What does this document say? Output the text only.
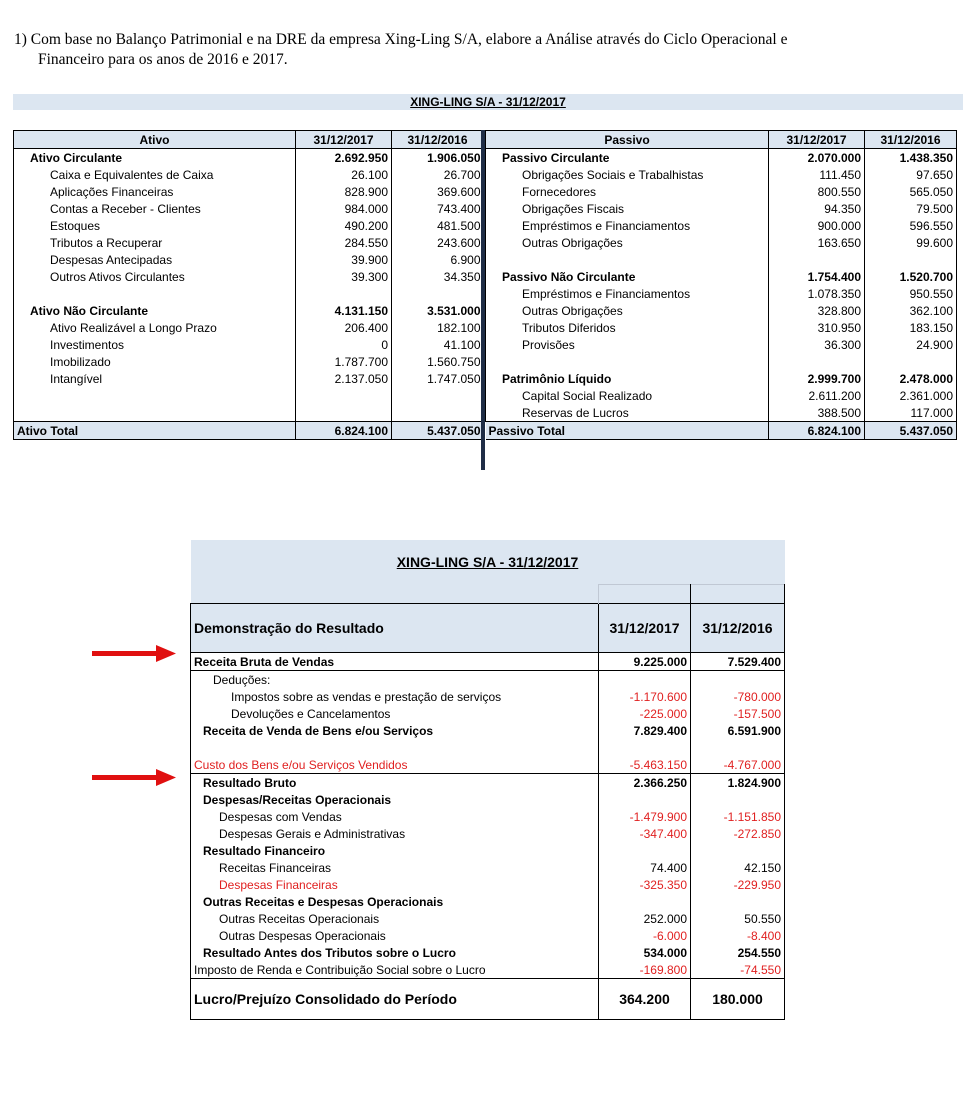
1) Com base no Balanço Patrimonial e na DRE da empresa Xing-Ling S/A, elabore a Análise através do Ciclo Operacional e
Financeiro para os anos de 2016 e 2017.
XING-LING S/A - 31/12/2017
Ativo	31/12/2017	31/12/2016
Ativo Circulante	2.692.950	1.906.050
Caixa e Equivalentes de Caixa	26.100	26.700
Aplicações Financeiras	828.900	369.600
Contas a Receber - Clientes	984.000	743.400
Estoques	490.200	481.500
Tributos a Recuperar	284.550	243.600
Despesas Antecipadas	39.900	6.900
Outros Ativos Circulantes	39.300	34.350

Ativo Não Circulante	4.131.150	3.531.000
Ativo Realizável a Longo Prazo	206.400	182.100
Investimentos	0	41.100
Imobilizado	1.787.700	1.560.750
Intangível	2.137.050	1.747.050

Ativo Total	6.824.100	5.437.050
Passivo	31/12/2017	31/12/2016
Passivo Circulante	2.070.000	1.438.350
Obrigações Sociais e Trabalhistas	111.450	97.650
Fornecedores	800.550	565.050
Obrigações Fiscais	94.350	79.500
Empréstimos e Financiamentos	900.000	596.550
Outras Obrigações	163.650	99.600

Passivo Não Circulante	1.754.400	1.520.700
Empréstimos e Financiamentos	1.078.350	950.550
Outras Obrigações	328.800	362.100
Tributos Diferidos	310.950	183.150
Provisões	36.300	24.900

Patrimônio Líquido	2.999.700	2.478.000
Capital Social Realizado	2.611.200	2.361.000
Reservas de Lucros	388.500	117.000
Passivo Total	6.824.100	5.437.050
XING-LING S/A - 31/12/2017		

Demonstração do Resultado	31/12/2017	31/12/2016
Receita Bruta de Vendas	9.225.000	7.529.400
Deduções:		
Impostos sobre as vendas e prestação de serviços	-1.170.600	-780.000
Devoluções e Cancelamentos	-225.000	-157.500
Receita de Venda de Bens e/ou Serviços	7.829.400	6.591.900

Custo dos Bens e/ou Serviços Vendidos	-5.463.150	-4.767.000
Resultado Bruto	2.366.250	1.824.900
Despesas/Receitas Operacionais		
Despesas com Vendas	-1.479.900	-1.151.850
Despesas Gerais e Administrativas	-347.400	-272.850
Resultado Financeiro		
Receitas Financeiras	74.400	42.150
Despesas Financeiras	-325.350	-229.950
Outras Receitas e Despesas Operacionais		
Outras Receitas Operacionais	252.000	50.550
Outras Despesas Operacionais	-6.000	-8.400
Resultado Antes dos Tributos sobre o Lucro	534.000	254.550
Imposto de Renda e Contribuição Social sobre o Lucro	-169.800	-74.550
Lucro/Prejuízo Consolidado do Período	364.200	180.000
